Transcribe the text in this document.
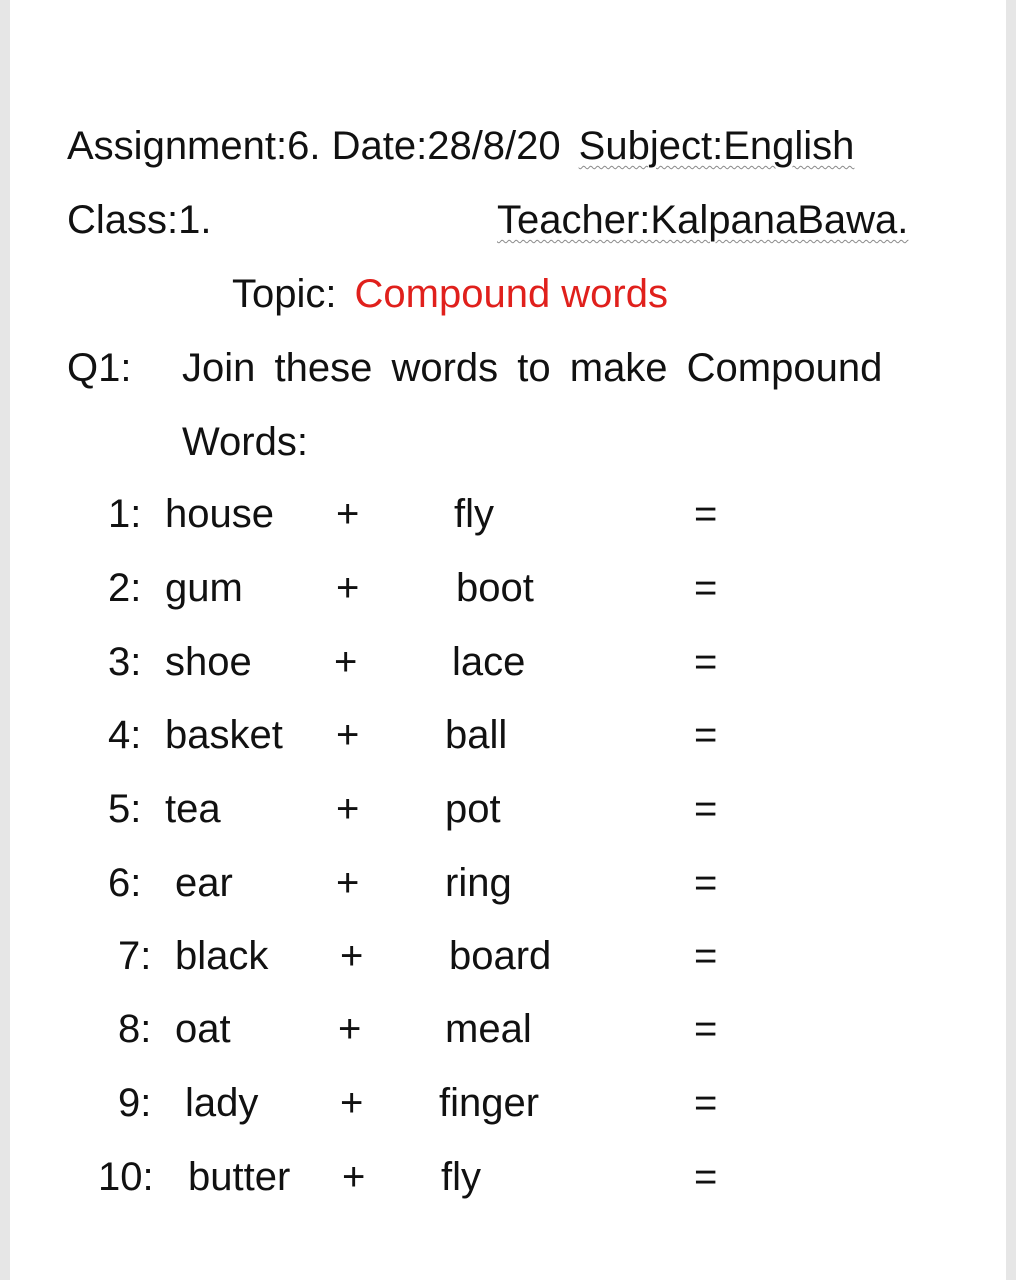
Assignment:6. Date:28/8/20 Subject:English
Class:1.	Teacher:KalpanaBawa.
Topic: Compound words
Q1: Join these words to make Compound
Words:
1: house + fly	=
2: gum + boot	=
3: shoe + lace	=
4: basket + ball	=
5: tea	+ pot	=
6: ear	+ ring	=
7: black + board	=
8: oat	+ meal	=
9: lady + finger	=
10: butter + fly	=
